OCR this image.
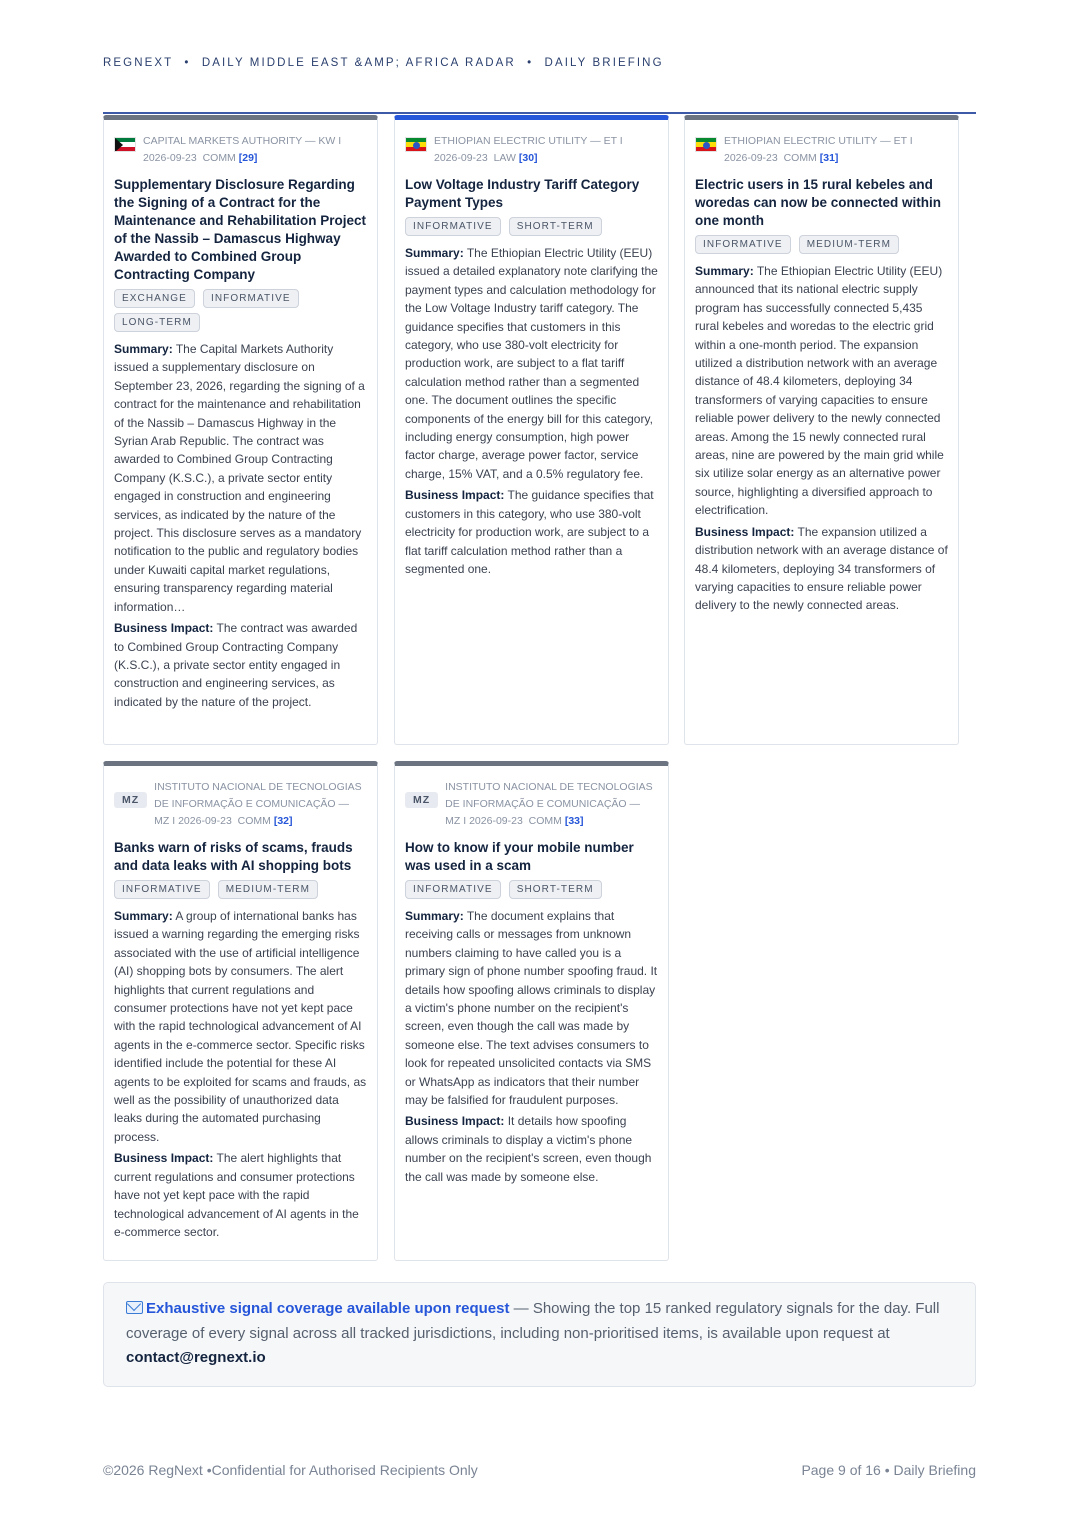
REGNEXT • DAILY MIDDLE EAST &AMP; AFRICA RADAR • DAILY BRIEFING
CAPITAL MARKETS AUTHORITY — KW I
2026-09-23 COMM [29]
Supplementary Disclosure Regarding the Signing of a Contract for the Maintenance and Rehabilitation Project of the Nassib – Damascus Highway Awarded to Combined Group Contracting Company
EXCHANGE	INFORMATIVE
LONG-TERM

Summary: The Capital Markets Authority issued a supplementary disclosure on September 23, 2026, regarding the signing of a contract for the maintenance and rehabilitation of the Nassib – Damascus Highway in the Syrian Arab Republic. The contract was awarded to Combined Group Contracting Company (K.S.C.), a private sector entity engaged in construction and engineering services, as indicated by the nature of the project. This disclosure serves as a mandatory notification to the public and regulatory bodies under Kuwaiti capital market regulations, ensuring transparency regarding material information…

Business Impact: The contract was awarded to Combined Group Contracting Company (K.S.C.), a private sector entity engaged in construction and engineering services, as indicated by the nature of the project.

ETHIOPIAN ELECTRIC UTILITY — ET I
2026-09-23 LAW [30]
Low Voltage Industry Tariff Category Payment Types
INFORMATIVE	SHORT-TERM

Summary: The Ethiopian Electric Utility (EEU) issued a detailed explanatory note clarifying the payment types and calculation methodology for the Low Voltage Industry tariff category. The guidance specifies that customers in this category, who use 380-volt electricity for production work, are subject to a flat tariff calculation method rather than a segmented one. The document outlines the specific components of the energy bill for this category, including energy consumption, high power factor charge, average power factor, service charge, 15% VAT, and a 0.5% regulatory fee.

Business Impact: The guidance specifies that customers in this category, who use 380-volt electricity for production work, are subject to a flat tariff calculation method rather than a segmented one.

ETHIOPIAN ELECTRIC UTILITY — ET I
2026-09-23 COMM [31]
Electric users in 15 rural kebeles and woredas can now be connected within one month
INFORMATIVE	MEDIUM-TERM

Summary: The Ethiopian Electric Utility (EEU) announced that its national electric supply program has successfully connected 5,435 rural kebeles and woredas to the electric grid within a one-month period. The expansion utilized a distribution network with an average distance of 48.4 kilometers, deploying 34 transformers of varying capacities to ensure reliable power delivery to the newly connected areas. Among the 15 newly connected rural areas, nine are powered by the main grid while six utilize solar energy as an alternative power source, highlighting a diversified approach to electrification.

Business Impact: The expansion utilized a distribution network with an average distance of 48.4 kilometers, deploying 34 transformers of varying capacities to ensure reliable power delivery to the newly connected areas.

MZ
INSTITUTO NACIONAL DE TECNOLOGIAS DE INFORMAÇÃO E COMUNICAÇÃO — MZ I 2026-09-23 COMM [32]
Banks warn of risks of scams, frauds and data leaks with AI shopping bots
INFORMATIVE	MEDIUM-TERM

Summary: A group of international banks has issued a warning regarding the emerging risks associated with the use of artificial intelligence (AI) shopping bots by consumers. The alert highlights that current regulations and consumer protections have not yet kept pace with the rapid technological advancement of AI agents in the e-commerce sector. Specific risks identified include the potential for these AI agents to be exploited for scams and frauds, as well as the possibility of unauthorized data leaks during the automated purchasing process.

Business Impact: The alert highlights that current regulations and consumer protections have not yet kept pace with the rapid technological advancement of AI agents in the e-commerce sector.

MZ
INSTITUTO NACIONAL DE TECNOLOGIAS DE INFORMAÇÃO E COMUNICAÇÃO — MZ I 2026-09-23 COMM [33]
How to know if your mobile number was used in a scam
INFORMATIVE	SHORT-TERM

Summary: The document explains that receiving calls or messages from unknown numbers claiming to have called you is a primary sign of phone number spoofing fraud. It details how spoofing allows criminals to display a victim's phone number on the recipient's screen, even though the call was made by someone else. The text advises consumers to look for repeated unsolicited contacts via SMS or WhatsApp as indicators that their number may be falsified for fraudulent purposes.

Business Impact: It details how spoofing allows criminals to display a victim's phone number on the recipient's screen, even though the call was made by someone else.

Exhaustive signal coverage available upon request — Showing the top 15 ranked regulatory signals for the day. Full coverage of every signal across all tracked jurisdictions, including non-prioritised items, is available upon request at contact@regnext.io
©2026 RegNext •Confidential for Authorised Recipients Only	Page 9 of 16 • Daily Briefing
